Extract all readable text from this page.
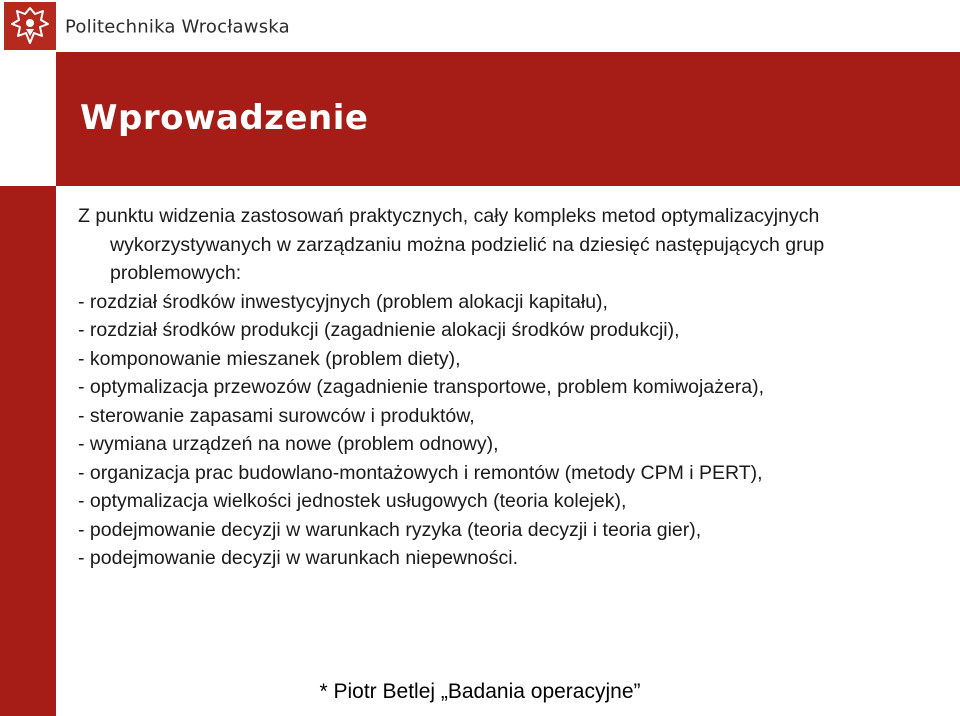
Politechnika Wrocławska
Wprowadzenie

Z punktu widzenia zastosowań praktycznych, cały kompleks metod optymalizacyjnych wykorzystywanych w zarządzaniu można podzielić na dziesięć następujących grup problemowych:

- rozdział środków inwestycyjnych (problem alokacji kapitału),
- rozdział środków produkcji (zagadnienie alokacji środków produkcji),
- komponowanie mieszanek (problem diety),
- optymalizacja przewozów (zagadnienie transportowe, problem komiwojażera),
- sterowanie zapasami surowców i produktów,
- wymiana urządzeń na nowe (problem odnowy),
- organizacja prac budowlano-montażowych i remontów (metody CPM i PERT),
- optymalizacja wielkości jednostek usługowych (teoria kolejek),
- podejmowanie decyzji w warunkach ryzyka (teoria decyzji i teoria gier),
- podejmowanie decyzji w warunkach niepewności.
* Piotr Betlej „Badania operacyjne”
